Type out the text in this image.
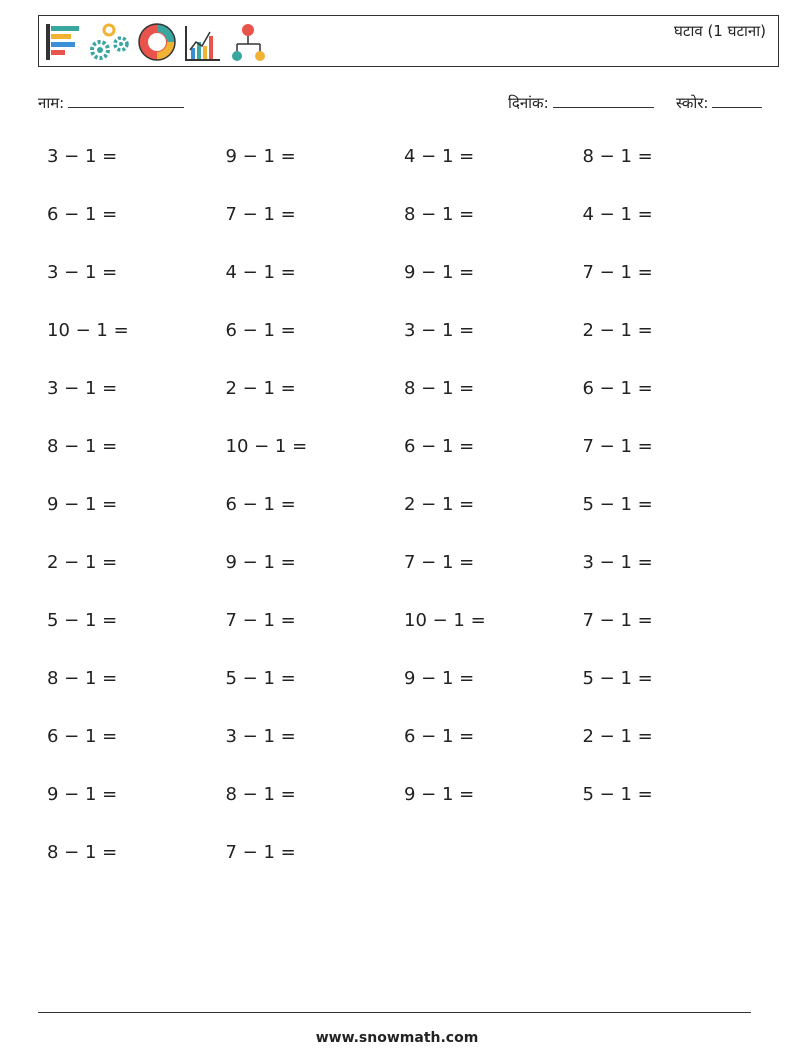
घटाव (1 घटाना)
नाम:	दिनांक:	स्कोर:
3 − 1 =	9 − 1 =	4 − 1 =	8 − 1 =
6 − 1 =	7 − 1 =	8 − 1 =	4 − 1 =
3 − 1 =	4 − 1 =	9 − 1 =	7 − 1 =
10 − 1 =	6 − 1 =	3 − 1 =	2 − 1 =
3 − 1 =	2 − 1 =	8 − 1 =	6 − 1 =
8 − 1 =	10 − 1 =	6 − 1 =	7 − 1 =
9 − 1 =	6 − 1 =	2 − 1 =	5 − 1 =
2 − 1 =	9 − 1 =	7 − 1 =	3 − 1 =
5 − 1 =	7 − 1 =	10 − 1 =	7 − 1 =
8 − 1 =	5 − 1 =	9 − 1 =	5 − 1 =
6 − 1 =	3 − 1 =	6 − 1 =	2 − 1 =
9 − 1 =	8 − 1 =	9 − 1 =	5 − 1 =
8 − 1 =	7 − 1 =
www.snowmath.com
